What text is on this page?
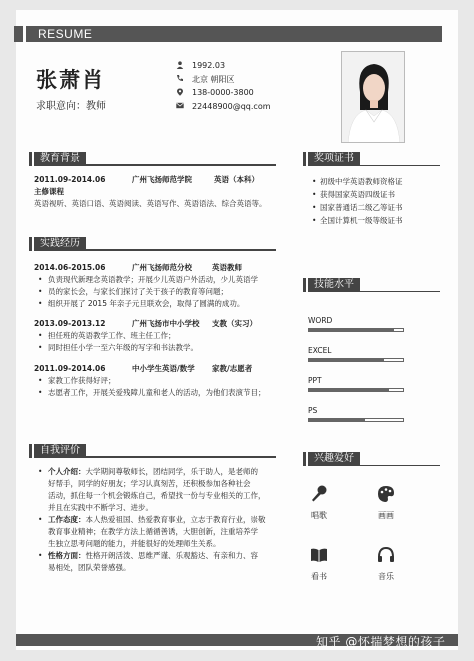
RESUME
张萧肖
求职意向：教师
1992.03
北京 朝阳区
138-0000-3800
22448900@qq.com
教育背景
2011.09-2014.06	广州飞扬师范学院	英语（本科）
主修课程
英语视听、英语口语、英语阅读、英语写作、英语语法、综合英语等。
实践经历
2014.06-2015.06	广州飞扬师范分校	英语教师
• 负责现代新理念英语教学；开展少儿英语户外活动，少儿英语学
• 员的家长会，与家长们探讨了关于孩子的教育等问题；
• 组织开展了 2015 年亲子元旦联欢会，取得了圆满的成功。
2013.09-2013.12	广州飞扬市中小学校	支教（实习）
• 担任班的英语教学工作、班主任工作；
• 同时担任小学一至六年级的写字和书法教学。
2011.09-2014.06	中小学生英语/数学	家教/志愿者
• 家教工作获得好评；
• 志愿者工作，开展关爱残障儿童和老人的活动，为他们表演节目；
自我评价
• 个人介绍：大学期间尊敬师长，团结同学，乐于助人，是老师的
好帮手，同学的好朋友；学习认真刻苦，还积极参加各种社会
活动，抓住每一个机会锻炼自己，希望找一份与专业相关的工作，
并且在实践中不断学习、进步。
• 工作态度：本人热爱祖国、热爱教育事业，立志于教育行业，崇敬
教育事业精神；在教学方法上循循善诱，大胆创新，注重培养学
生独立思考问题的能力，并能很好的处理师生关系。
• 性格方面：性格开朗活泼、思维严谨、乐观豁达、有亲和力、容
易相处，团队荣誉感强。
奖项证书
• 初级中学英语教师资格证
• 获得国家英语四级证书
• 国家普通话二级乙等证书
• 全国计算机一级等级证书
技能水平
WORD
EXCEL
PPT
PS
兴趣爱好
唱歌	画画
看书	音乐
知乎 @怀揣梦想的孩子
